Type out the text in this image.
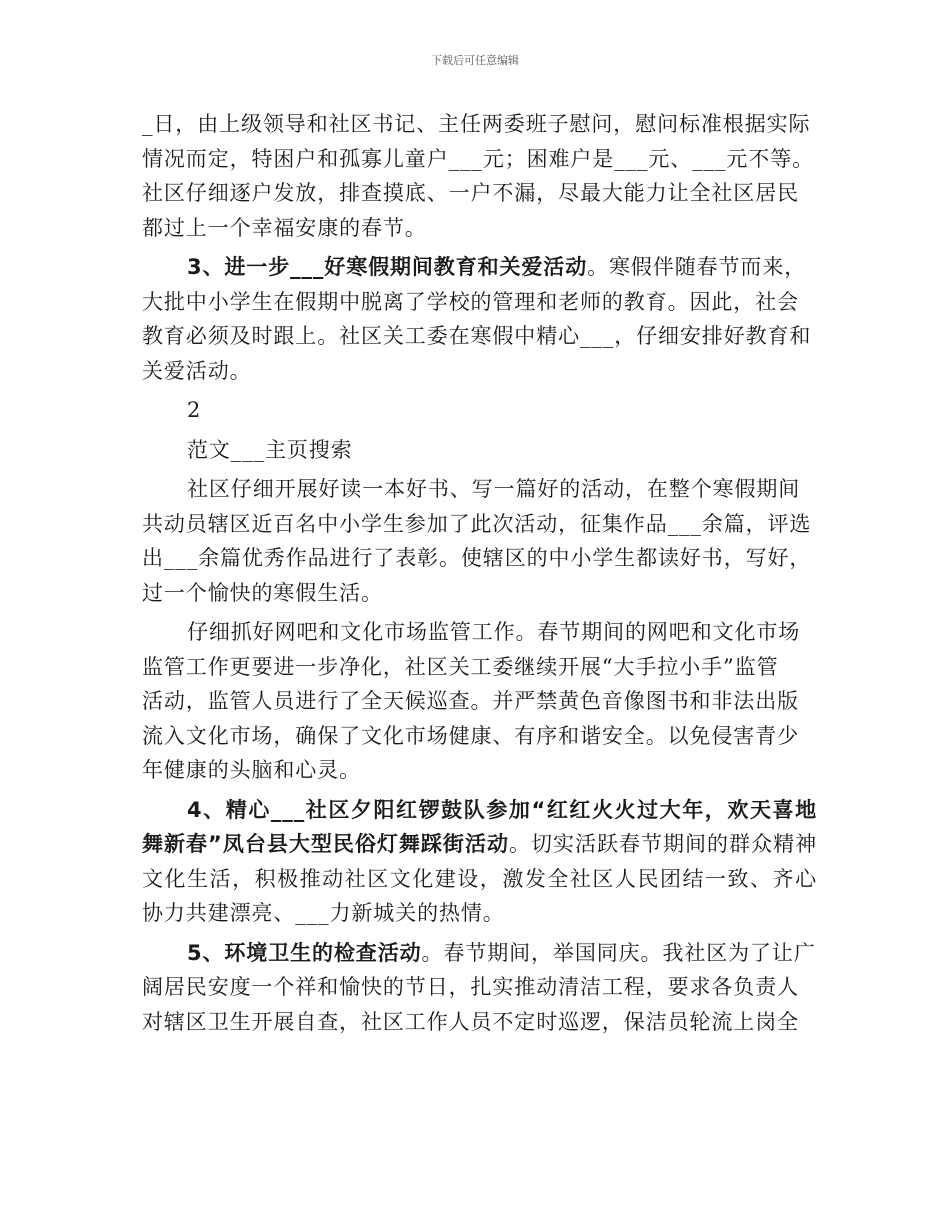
下载后可任意编辑
_日，由上级领导和社区书记、主任两委班子慰问，慰问标准根据实际
情况而定，特困户和孤寡儿童户___元；困难户是___元、___元不等。
社区仔细逐户发放，排查摸底、一户不漏，尽最大能力让全社区居民
都过上一个幸福安康的春节。
3、进一步___好寒假期间教育和关爱活动。寒假伴随春节而来，
大批中小学生在假期中脱离了学校的管理和老师的教育。因此，社会
教育必须及时跟上。社区关工委在寒假中精心___，仔细安排好教育和
关爱活动。
2
范文___主页搜索
社区仔细开展好读一本好书、写一篇好的活动，在整个寒假期间
共动员辖区近百名中小学生参加了此次活动，征集作品___余篇，评选
出___余篇优秀作品进行了表彰。使辖区的中小学生都读好书，写好，
过一个愉快的寒假生活。
仔细抓好网吧和文化市场监管工作。春节期间的网吧和文化市场
监管工作更要进一步净化，社区关工委继续开展“大手拉小手”监管
活动，监管人员进行了全天候巡查。并严禁黄色音像图书和非法出版
流入文化市场，确保了文化市场健康、有序和谐安全。以免侵害青少
年健康的头脑和心灵。
4、精心___社区夕阳红锣鼓队参加“红红火火过大年，欢天喜地舞新春”凤台县大型民俗灯舞踩街活动。切实活跃春节期间的群众精神文化生活，积极推动社区文化建设，激发全社区人民团结一致、齐心协力共建漂亮、___力新城关的热情。
5、环境卫生的检查活动。春节期间，举国同庆。我社区为了让广
阔居民安度一个祥和愉快的节日，扎实推动清洁工程，要求各负责人
对辖区卫生开展自查，社区工作人员不定时巡逻，保洁员轮流上岗全
